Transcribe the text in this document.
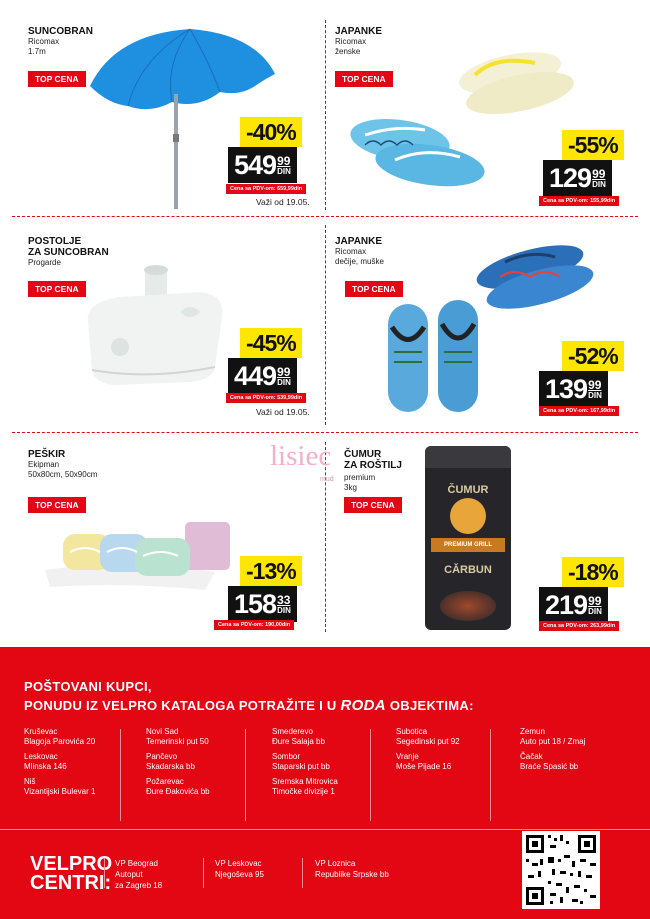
SUNCOBRAN
Ricomax
1.7m
TOP CENA
-40%
549 99
DIN
Cena sa PDV-om: 659,99din
Važi od 19.05.
JAPANKE
Ricomax
ženske
TOP CENA
-55%
129 99
DIN
Cena sa PDV-om: 155,99din
POSTOLJE
ZA SUNCOBRAN
Progarde
TOP CENA
-45%
449 99
DIN
Cena sa PDV-om: 539,99din
Važi od 19.05.
JAPANKE
Ricomax
dečije, muške
TOP CENA
-52%
139 99
DIN
Cena sa PDV-om: 167,99din
PEŠKIR
Ekipman
50x80cm, 50x90cm
TOP CENA
-13%
158 33
DIN
Cena sa PDV-om: 190,00din
ČUMUR
ZA ROŠTILJ
premium
3kg
TOP CENA
ČUMUR
PREMIUM GRILL
CĂRBUN	-18%
219 99
DIN
Cena sa PDV-om: 263,99din
lisiec
mud
POŠTOVANI KUPCI,
PONUDU IZ VELPRO KATALOGA POTRAŽITE I U RODA OBJEKTIMA:
Kruševac
Blagoja Parovića 20
Leskovac
Mlinska 146
Niš
Vizantijski Bulevar 1
Novi Sad
Temerinski put 50
Pančevo
Skadarska bb
Požarevac
Đure Đakovića bb
Smederevo
Đure Salaja bb
Sombor
Staparski put bb
Sremska Mitrovica
Timočke divizije 1
Subotica
Segedinski put 92
Vranje
Moše Pijade 16
Zemun
Auto put 18 / Zmaj
Čačak
Braće Spasić bb
VELPRO
CENTRI:
VP Beograd
Autoput
za Zagreb 18
VP Leskovac
Njegoševa 95
VP Loznica
Republike Srpske bb
